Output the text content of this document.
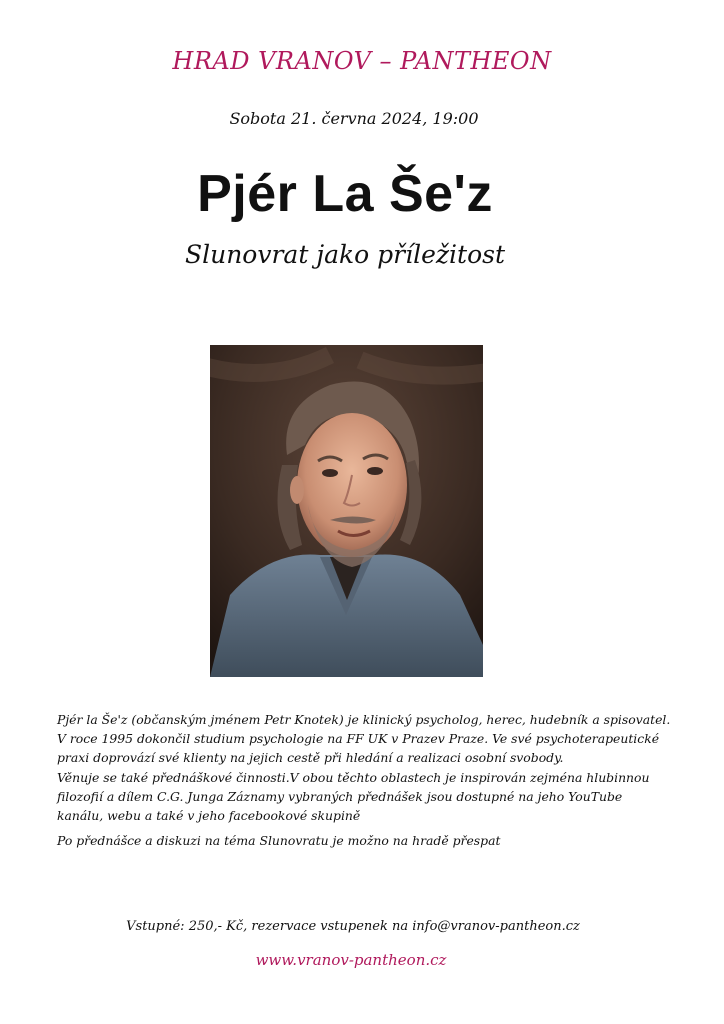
HRAD VRANOV – PANTHEON
Sobota 21. června 2024, 19:00
Pjér La Še'z
Slunovrat jako příležitost

Pjér la Še'z (občanským jménem Petr Knotek) je klinický psycholog, herec, hudebník a spisovatel.

V roce 1995 dokončil studium psychologie na FF UK v Prazev Praze. Ve své psychoterapeutické

praxi doprovází své klienty na jejich cestě při hledání a realizaci osobní svobody.

Věnuje se také přednáškové činnosti.V obou těchto oblastech je inspirován zejména hlubinnou

filozofií a dílem C.G. Junga Záznamy vybraných přednášek jsou dostupné na jeho YouTube

kanálu, webu a také v jeho facebookové skupině

Po přednášce a diskuzi na téma Slunovratu je možno na hradě přespat

Vstupné: 250,- Kč, rezervace vstupenek na info@vranov-pantheon.cz
www.vranov-pantheon.cz
